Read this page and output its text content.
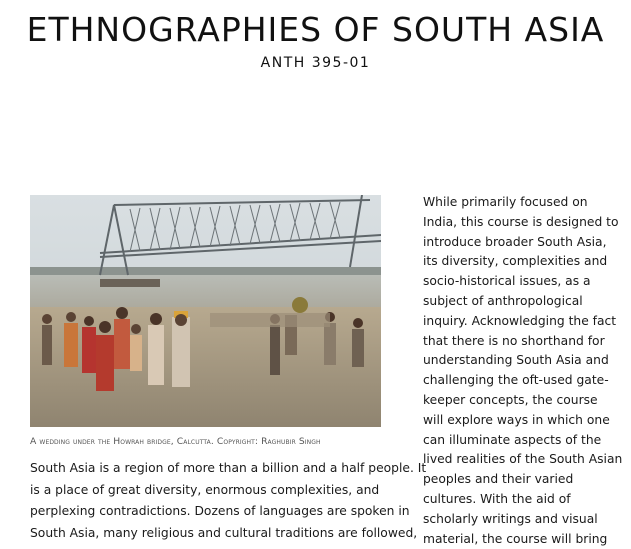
ETHNOGRAPHIES OF SOUTH ASIA
ANTH 395-01
A wedding under the Howrah bridge, Calcutta. Copyright: Raghubir Singh
South Asia is a region of more than a billion and a half people. It
is a place of great diversity, enormous complexities, and
perplexing contradictions. Dozens of languages are spoken in
South Asia, many religious and cultural traditions are followed,
While primarily focused on
India, this course is designed to
introduce broader South Asia,
its diversity, complexities and
socio-historical issues, as a
subject of anthropological
inquiry. Acknowledging the fact
that there is no shorthand for
understanding South Asia and
challenging the oft-used gate-
keeper concepts, the course
will explore ways in which one
can illuminate aspects of the
lived realities of the South Asian
peoples and their varied
cultures. With the aid of
scholarly writings and visual
material, the course will bring
